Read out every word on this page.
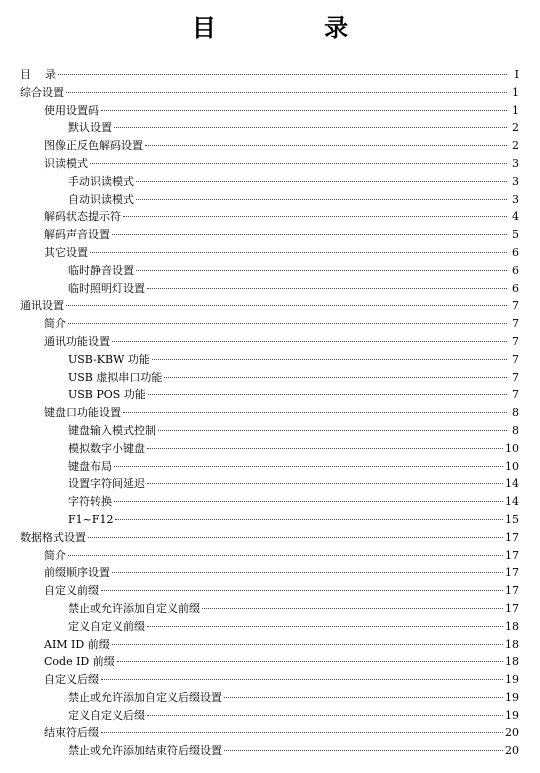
目 录
目    录	I
综合设置	1
使用设置码	1
默认设置	2
图像正反色解码设置	2
识读模式	3
手动识读模式	3
自动识读模式	3
解码状态提示符	4
解码声音设置	5
其它设置	6
临时静音设置	6
临时照明灯设置	6
通讯设置	7
简介	7
通讯功能设置	7
USB-KBW 功能	7
USB 虚拟串口功能	7
USB POS 功能	7
键盘口功能设置	8
键盘输入模式控制	8
模拟数字小键盘	10
键盘布局	10
设置字符间延迟	14
字符转换	14
F1~F12	15
数据格式设置	17
简介	17
前缀顺序设置	17
自定义前缀	17
禁止或允许添加自定义前缀	17
定义自定义前缀	18
AIM ID 前缀	18
Code ID 前缀	18
自定义后缀	19
禁止或允许添加自定义后缀设置	19
定义自定义后缀	19
结束符后缀	20
禁止或允许添加结束符后缀设置	20
